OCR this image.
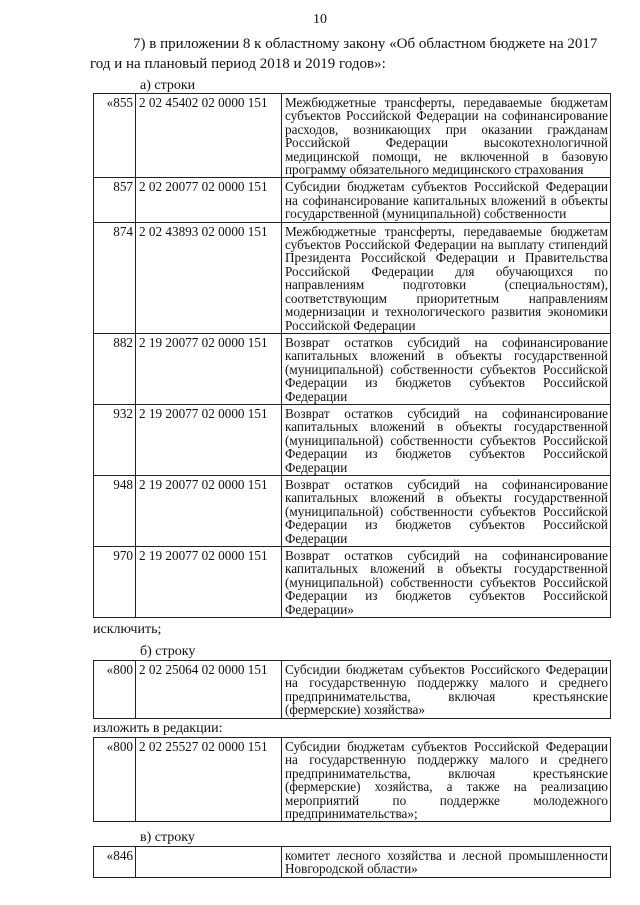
10
7) в приложении 8 к областному закону «Об областном бюджете на 2017
год и на плановый период 2018 и 2019 годов»:
а) строки
«855	2 02 45402 02 0000 151	Межбюджетные трансферты, передаваемые бюджетам субъектов Российской Федерации на софинансирование расходов, возникающих при оказании гражданам Российской Федерации высокотехнологичной медицинской помощи, не включенной в базовую программу обязательного медицинского страхования
857	2 02 20077 02 0000 151	Субсидии бюджетам субъектов Российской Федерации на софинансирование капитальных вложений в объекты государственной (муниципальной) собственности
874	2 02 43893 02 0000 151	Межбюджетные трансферты, передаваемые бюджетам субъектов Российской Федерации на выплату стипендий Президента Российской Федерации и Правительства Российской Федерации для обучающихся по направлениям подготовки (специальностям), соответствующим приоритетным направлениям модернизации и технологического развития экономики Российской Федерации
882	2 19 20077 02 0000 151	Возврат остатков субсидий на софинансирование капитальных вложений в объекты государственной (муниципальной) собственности субъектов Российской Федерации из бюджетов субъектов Российской Федерации
932	2 19 20077 02 0000 151	Возврат остатков субсидий на софинансирование капитальных вложений в объекты государственной (муниципальной) собственности субъектов Российской Федерации из бюджетов субъектов Российской Федерации
948	2 19 20077 02 0000 151	Возврат остатков субсидий на софинансирование капитальных вложений в объекты государственной (муниципальной) собственности субъектов Российской Федерации из бюджетов субъектов Российской Федерации
970	2 19 20077 02 0000 151	Возврат остатков субсидий на софинансирование капитальных вложений в объекты государственной (муниципальной) собственности субъектов Российской Федерации из бюджетов субъектов Российской Федерации»
исключить;
б) строку
«800	2 02 25064 02 0000 151	Субсидии бюджетам субъектов Российского Федерации на государственную поддержку малого и среднего предпринимательства, включая крестьянские (фермерские) хозяйства»
изложить в редакции:
«800	2 02 25527 02 0000 151	Субсидии бюджетам субъектов Российской Федерации на государственную поддержку малого и среднего предпринимательства, включая крестьянские (фермерские) хозяйства, а также на реализацию мероприятий по поддержке молодежного предпринимательства»;
в) строку
«846		комитет лесного хозяйства и лесной промышленности Новгородской области»
